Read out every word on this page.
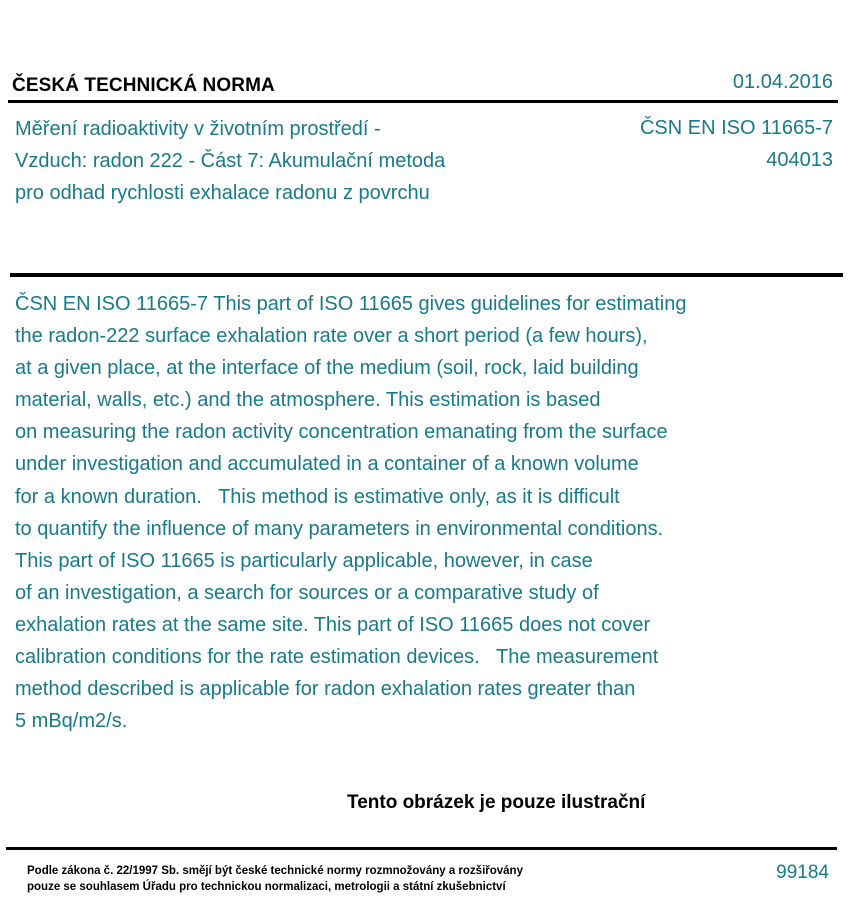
ČESKÁ TECHNICKÁ NORMA	01.04.2016
Měření radioaktivity v životním prostředí -
Vzduch: radon 222 - Část 7: Akumulační metoda
pro odhad rychlosti exhalace radonu z povrchu
ČSN EN ISO 11665-7
404013
ČSN EN ISO 11665-7 This part of ISO 11665 gives guidelines for estimating
the radon-222 surface exhalation rate over a short period (a few hours),
at a given place, at the interface of the medium (soil, rock, laid building
material, walls, etc.) and the atmosphere. This estimation is based
on measuring the radon activity concentration emanating from the surface
under investigation and accumulated in a container of a known volume
for a known duration.   This method is estimative only, as it is difficult
to quantify the influence of many parameters in environmental conditions.
This part of ISO 11665 is particularly applicable, however, in case
of an investigation, a search for sources or a comparative study of
exhalation rates at the same site. This part of ISO 11665 does not cover
calibration conditions for the rate estimation devices.   The measurement
method described is applicable for radon exhalation rates greater than
5 mBq/m2/s.
Tento obrázek je pouze ilustrační
Podle zákona č. 22/1997 Sb. smějí být české technické normy rozmnožovány a rozšiřovány
pouze se souhlasem Úřadu pro technickou normalizaci, metrologii a státní zkušebnictví
99184
